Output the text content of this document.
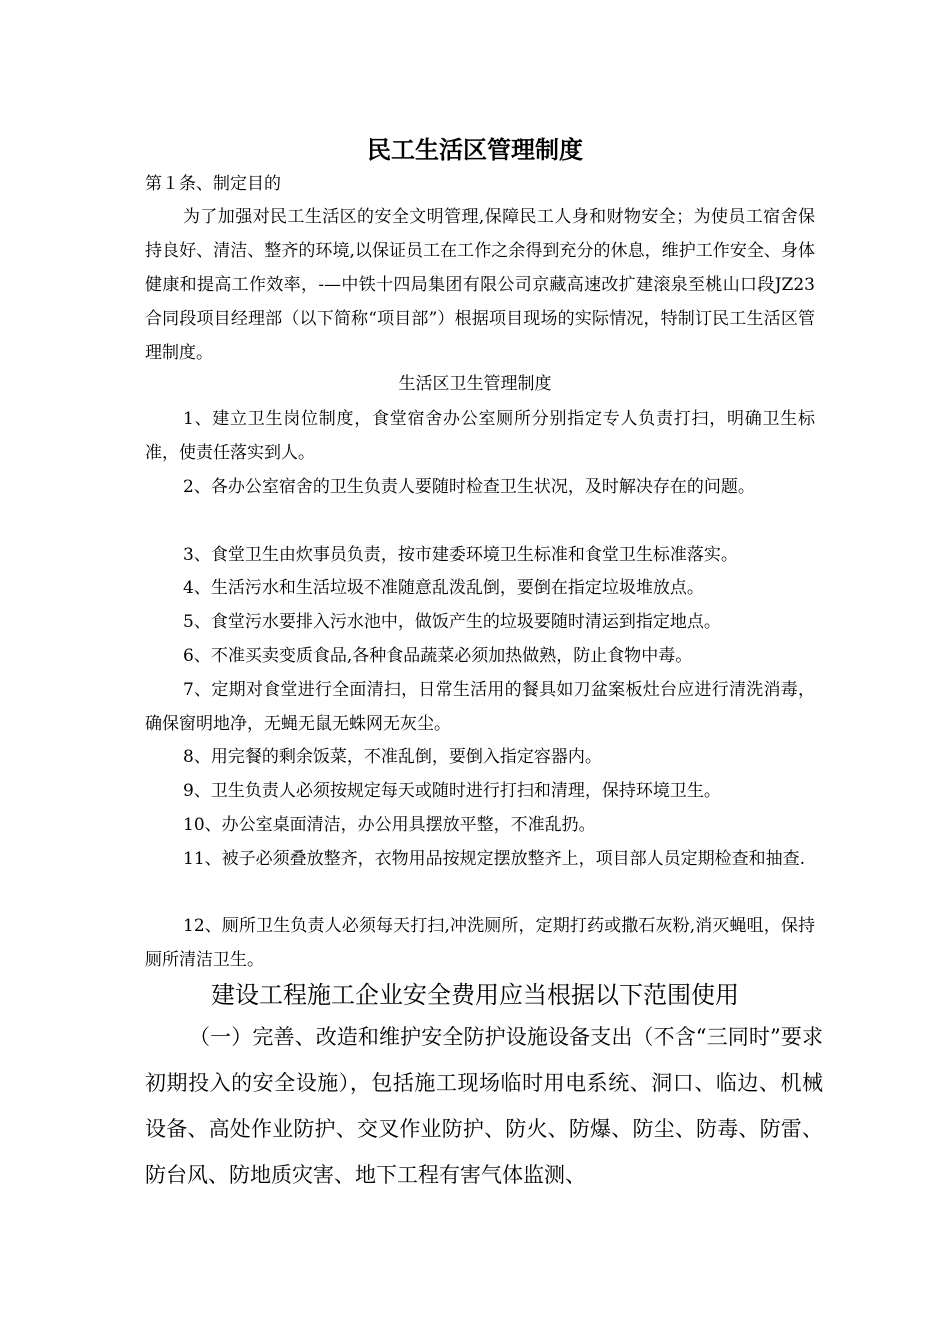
民工生活区管理制度

第１条、制定目的

为了加强对民工生活区的安全文明管理,保障民工人身和财物安全；为使员工宿舍保持良好、清洁、整齐的环境,以保证员工在工作之余得到充分的休息，维护工作安全、身体健康和提高工作效率，-—中铁十四局集团有限公司京藏高速改扩建滚泉至桃山口段JZ23合同段项目经理部（以下简称“项目部”）根据项目现场的实际情况，特制订民工生活区管理制度。

生活区卫生管理制度

1、建立卫生岗位制度，食堂宿舍办公室厕所分别指定专人负责打扫，明确卫生标准，使责任落实到人。

2、各办公室宿舍的卫生负责人要随时检查卫生状况，及时解决存在的问题。

3、食堂卫生由炊事员负责，按市建委环境卫生标准和食堂卫生标准落实。

4、生活污水和生活垃圾不准随意乱泼乱倒，要倒在指定垃圾堆放点。

5、食堂污水要排入污水池中，做饭产生的垃圾要随时清运到指定地点。

6、不准买卖变质食品,各种食品蔬菜必须加热做熟，防止食物中毒。

7、定期对食堂进行全面清扫，日常生活用的餐具如刀盆案板灶台应进行清洗消毒，确保窗明地净，无蝇无鼠无蛛网无灰尘。

8、用完餐的剩余饭菜，不准乱倒，要倒入指定容器内。

9、卫生负责人必须按规定每天或随时进行打扫和清理，保持环境卫生。

10、办公室桌面清洁，办公用具摆放平整，不准乱扔。

11、被子必须叠放整齐，衣物用品按规定摆放整齐上，项目部人员定期检查和抽查.

12、厕所卫生负责人必须每天打扫,冲洗厕所，定期打药或撒石灰粉,消灭蝇咀，保持厕所清洁卫生。

建设工程施工企业安全费用应当根据以下范围使用

（一）完善、改造和维护安全防护设施设备支出（不含“三同时”要求初期投入的安全设施），包括施工现场临时用电系统、洞口、临边、机械设备、高处作业防护、交叉作业防护、防火、防爆、防尘、防毒、防雷、防台风、防地质灾害、地下工程有害气体监测、
